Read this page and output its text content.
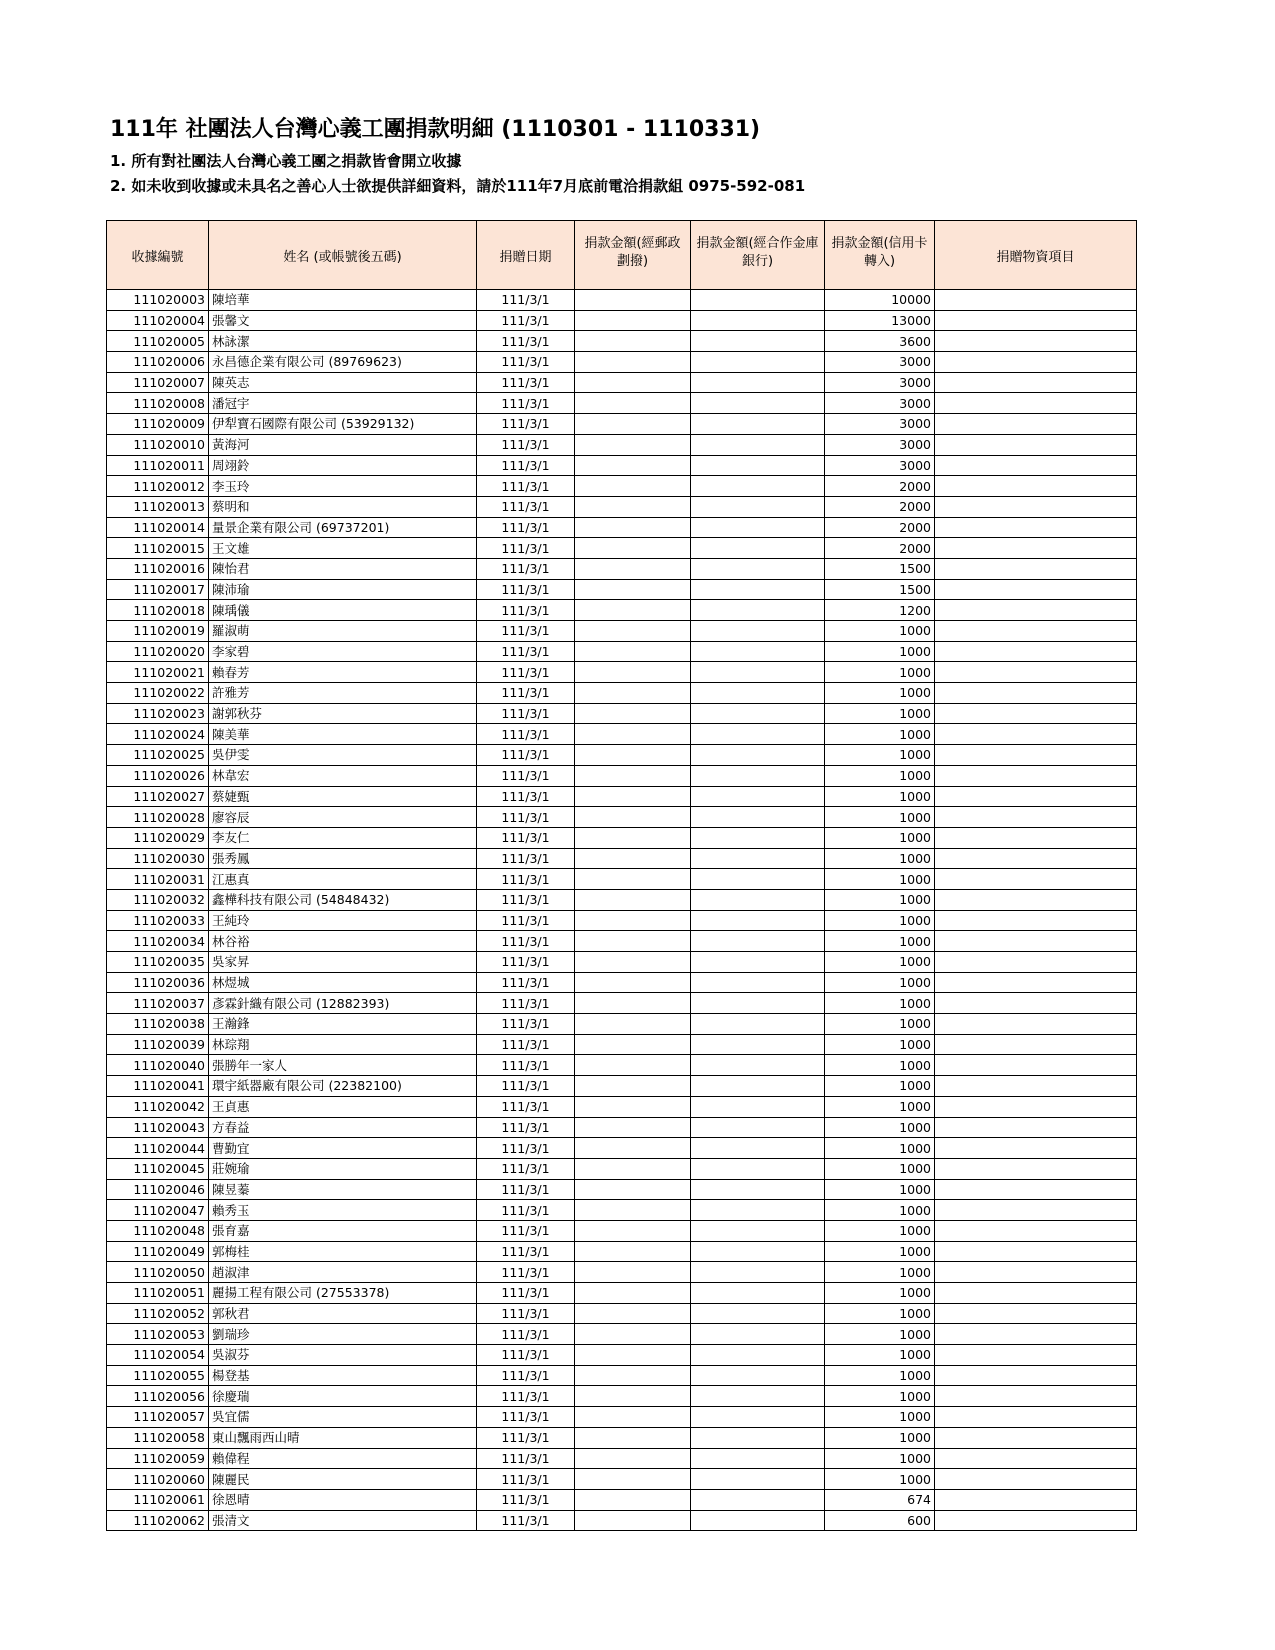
111年 社團法人台灣心義工團捐款明細 (1110301 - 1110331)
1. 所有對社團法人台灣心義工團之捐款皆會開立收據
2. 如未收到收據或未具名之善心人士欲提供詳細資料，請於111年7月底前電洽捐款組 0975-592-081
收據編號	姓名 (或帳號後五碼)	捐贈日期	捐款金額(經郵政劃撥)	捐款金額(經合作金庫銀行)	捐款金額(信用卡轉入)	捐贈物資項目
111020003	陳培華	111/3/1			10000	
111020004	張馨文	111/3/1			13000	
111020005	林詠潔	111/3/1			3600	
111020006	永昌德企業有限公司 (89769623)	111/3/1			3000	
111020007	陳英志	111/3/1			3000	
111020008	潘冠宇	111/3/1			3000	
111020009	伊犁寶石國際有限公司 (53929132)	111/3/1			3000	
111020010	黃海河	111/3/1			3000	
111020011	周翊鈴	111/3/1			3000	
111020012	李玉玲	111/3/1			2000	
111020013	蔡明和	111/3/1			2000	
111020014	量景企業有限公司 (69737201)	111/3/1			2000	
111020015	王文雄	111/3/1			2000	
111020016	陳怡君	111/3/1			1500	
111020017	陳沛瑜	111/3/1			1500	
111020018	陳瑀儀	111/3/1			1200	
111020019	羅淑萌	111/3/1			1000	
111020020	李家碧	111/3/1			1000	
111020021	賴春芳	111/3/1			1000	
111020022	許雅芳	111/3/1			1000	
111020023	謝郭秋芬	111/3/1			1000	
111020024	陳美華	111/3/1			1000	
111020025	吳伊雯	111/3/1			1000	
111020026	林韋宏	111/3/1			1000	
111020027	蔡婕甄	111/3/1			1000	
111020028	廖容辰	111/3/1			1000	
111020029	李友仁	111/3/1			1000	
111020030	張秀鳳	111/3/1			1000	
111020031	江惠真	111/3/1			1000	
111020032	鑫樺科技有限公司 (54848432)	111/3/1			1000	
111020033	王純玲	111/3/1			1000	
111020034	林谷裕	111/3/1			1000	
111020035	吳家昇	111/3/1			1000	
111020036	林煜城	111/3/1			1000	
111020037	彥霖針織有限公司 (12882393)	111/3/1			1000	
111020038	王瀚鋒	111/3/1			1000	
111020039	林琮翔	111/3/1			1000	
111020040	張勝年一家人	111/3/1			1000	
111020041	環宇紙器廠有限公司 (22382100)	111/3/1			1000	
111020042	王貞惠	111/3/1			1000	
111020043	方春益	111/3/1			1000	
111020044	曹勤宜	111/3/1			1000	
111020045	莊婉瑜	111/3/1			1000	
111020046	陳昱蓁	111/3/1			1000	
111020047	賴秀玉	111/3/1			1000	
111020048	張育嘉	111/3/1			1000	
111020049	郭梅桂	111/3/1			1000	
111020050	趙淑津	111/3/1			1000	
111020051	麗揚工程有限公司 (27553378)	111/3/1			1000	
111020052	郭秋君	111/3/1			1000	
111020053	劉瑞珍	111/3/1			1000	
111020054	吳淑芬	111/3/1			1000	
111020055	楊登基	111/3/1			1000	
111020056	徐慶瑞	111/3/1			1000	
111020057	吳宜儒	111/3/1			1000	
111020058	東山飄雨西山晴	111/3/1			1000	
111020059	賴偉程	111/3/1			1000	
111020060	陳麗民	111/3/1			1000	
111020061	徐恩晴	111/3/1			674	
111020062	張清文	111/3/1			600	
